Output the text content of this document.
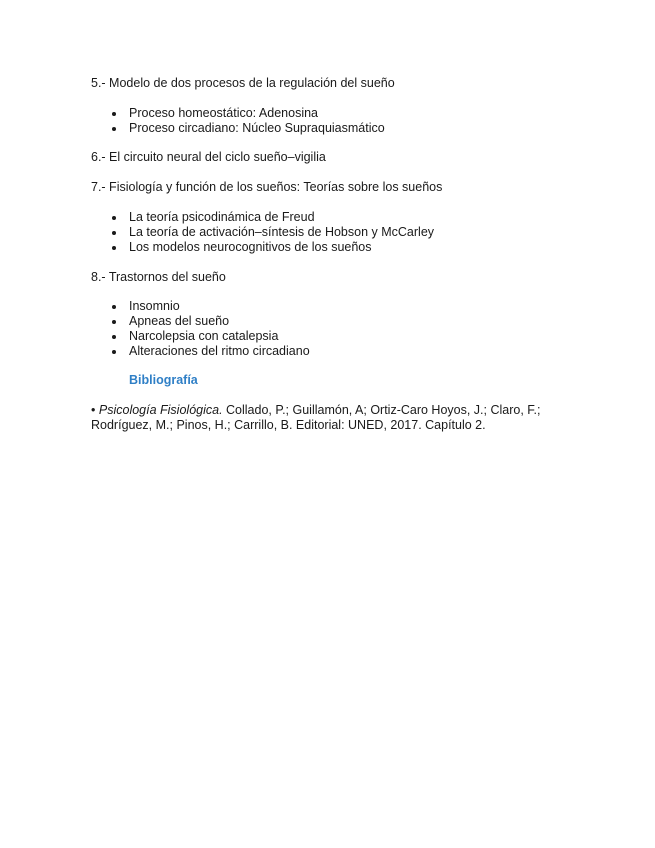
5.- Modelo de dos procesos de la regulación del sueño
Proceso homeostático: Adenosina
Proceso circadiano: Núcleo Supraquiasmático
6.- El circuito neural del ciclo sueño–vigilia
7.- Fisiología y función de los sueños: Teorías sobre los sueños
La teoría psicodinámica de Freud
La teoría de activación–síntesis de Hobson y McCarley
Los modelos neurocognitivos de los sueños
8.- Trastornos del sueño
Insomnio
Apneas del sueño
Narcolepsia con catalepsia
Alteraciones del ritmo circadiano
Bibliografía
• Psicología Fisiológica. Collado, P.; Guillamón, A; Ortiz-Caro Hoyos, J.; Claro, F.; Rodríguez, M.; Pinos, H.; Carrillo, B. Editorial: UNED, 2017. Capítulo 2.
